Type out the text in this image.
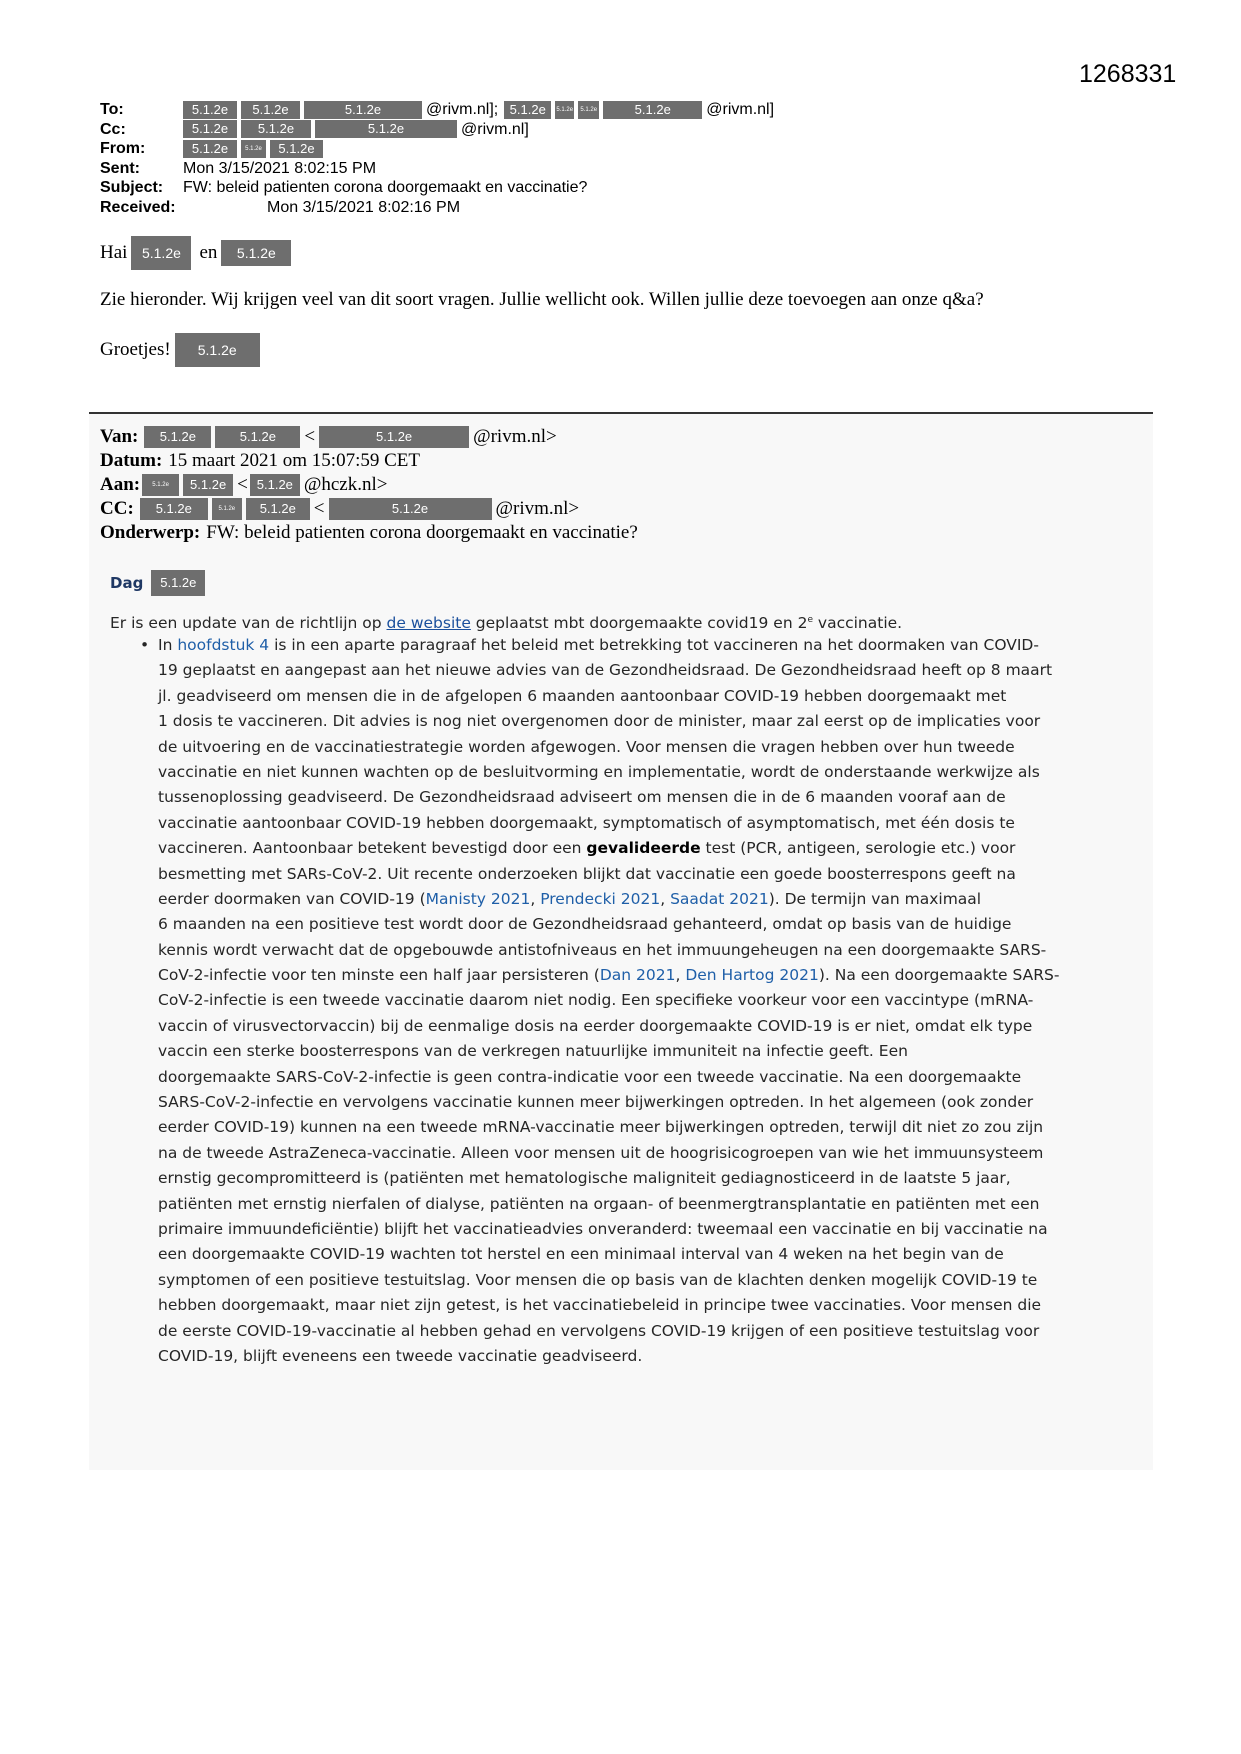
1268331
To:	5.1.2e	5.1.2e	5.1.2e	@rivm.nl]; 5.1.2e	5.1.2e	5.1.2e	5.1.2e	@rivm.nl]
Cc:	5.1.2e	5.1.2e	5.1.2e	@rivm.nl]
From:	5.1.2e	5.1.2e	5.1.2e
Sent:	Mon 3/15/2021 8:02:15 PM
Subject:	FW: beleid patienten corona doorgemaakt en vaccinatie?
Received:	Mon 3/15/2021 8:02:16 PM
Hai	5.1.2e en	5.1.2e
Zie hieronder. Wij krijgen veel van dit soort vragen. Jullie wellicht ook. Willen jullie deze toevoegen aan onze q&a?
Groetjes!	5.1.2e
Van:	5.1.2e	5.1.2e	<	5.1.2e	@rivm.nl>
Datum: 15 maart 2021 om 15:07:59 CET
Aan:	5.1.2e	5.1.2e < 5.1.2e @hczk.nl>
CC:	5.1.2e	5.1.2e	5.1.2e <	5.1.2e	@rivm.nl>
Onderwerp: FW: beleid patienten corona doorgemaakt en vaccinatie?
Dag	5.1.2e
Er is een update van de richtlijn op de website geplaatst mbt doorgemaakte covid19 en 2e vaccinatie.
• In hoofdstuk 4 is in een aparte paragraaf het beleid met betrekking tot vaccineren na het doormaken van COVID-
19 geplaatst en aangepast aan het nieuwe advies van de Gezondheidsraad. De Gezondheidsraad heeft op 8 maart
jl. geadviseerd om mensen die in de afgelopen 6 maanden aantoonbaar COVID-19 hebben doorgemaakt met
1 dosis te vaccineren. Dit advies is nog niet overgenomen door de minister, maar zal eerst op de implicaties voor
de uitvoering en de vaccinatiestrategie worden afgewogen. Voor mensen die vragen hebben over hun tweede
vaccinatie en niet kunnen wachten op de besluitvorming en implementatie, wordt de onderstaande werkwijze als
tussenoplossing geadviseerd. De Gezondheidsraad adviseert om mensen die in de 6 maanden vooraf aan de
vaccinatie aantoonbaar COVID-19 hebben doorgemaakt, symptomatisch of asymptomatisch, met één dosis te
vaccineren. Aantoonbaar betekent bevestigd door een gevalideerde test (PCR, antigeen, serologie etc.) voor
besmetting met SARs-CoV-2. Uit recente onderzoeken blijkt dat vaccinatie een goede boosterrespons geeft na
eerder doormaken van COVID-19 (Manisty 2021, Prendecki 2021, Saadat 2021). De termijn van maximaal
6 maanden na een positieve test wordt door de Gezondheidsraad gehanteerd, omdat op basis van de huidige
kennis wordt verwacht dat de opgebouwde antistofniveaus en het immuungeheugen na een doorgemaakte SARS-
CoV-2-infectie voor ten minste een half jaar persisteren (Dan 2021, Den Hartog 2021). Na een doorgemaakte SARS-
CoV-2-infectie is een tweede vaccinatie daarom niet nodig. Een specifieke voorkeur voor een vaccintype (mRNA-
vaccin of virusvectorvaccin) bij de eenmalige dosis na eerder doorgemaakte COVID-19 is er niet, omdat elk type
vaccin een sterke boosterrespons van de verkregen natuurlijke immuniteit na infectie geeft. Een
doorgemaakte SARS-CoV-2-infectie is geen contra-indicatie voor een tweede vaccinatie. Na een doorgemaakte
SARS-CoV-2-infectie en vervolgens vaccinatie kunnen meer bijwerkingen optreden. In het algemeen (ook zonder
eerder COVID-19) kunnen na een tweede mRNA-vaccinatie meer bijwerkingen optreden, terwijl dit niet zo zou zijn
na de tweede AstraZeneca-vaccinatie. Alleen voor mensen uit de hoogrisicogroepen van wie het immuunsysteem
ernstig gecompromitteerd is (patiënten met hematologische maligniteit gediagnosticeerd in de laatste 5 jaar,
patiënten met ernstig nierfalen of dialyse, patiënten na orgaan- of beenmergtransplantatie en patiënten met een
primaire immuundeficiëntie) blijft het vaccinatieadvies onveranderd: tweemaal een vaccinatie en bij vaccinatie na
een doorgemaakte COVID-19 wachten tot herstel en een minimaal interval van 4 weken na het begin van de
symptomen of een positieve testuitslag. Voor mensen die op basis van de klachten denken mogelijk COVID-19 te
hebben doorgemaakt, maar niet zijn getest, is het vaccinatiebeleid in principe twee vaccinaties. Voor mensen die
de eerste COVID-19-vaccinatie al hebben gehad en vervolgens COVID-19 krijgen of een positieve testuitslag voor
COVID-19, blijft eveneens een tweede vaccinatie geadviseerd.
